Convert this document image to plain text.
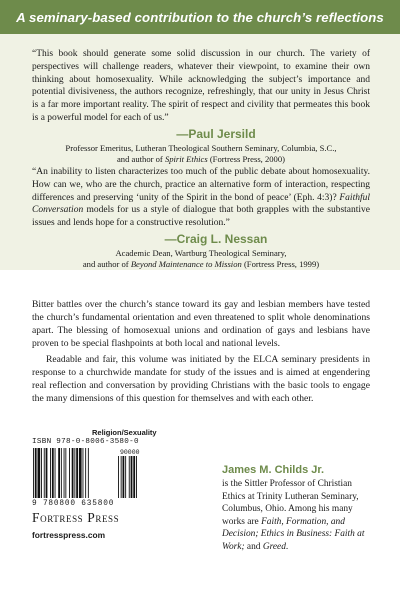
A seminary-based contribution to the church’s reflections

“This book should generate some solid discussion in our church. The variety of perspectives will challenge readers, whatever their viewpoint, to examine their own thinking about homosexuality. While acknowledging the subject’s importance and potential divisiveness, the authors recognize, refreshingly, that our unity in Jesus Christ is a far more important reality. The spirit of respect and civility that permeates this book is a powerful model for each of us.”

—Paul Jersild
Professor Emeritus, Lutheran Theological Southern Seminary, Columbia, S.C.,
and author of Spirit Ethics (Fortress Press, 2000)

“An inability to listen characterizes too much of the public debate about homosexuality. How can we, who are the church, practice an alternative form of interaction, respecting differences and preserving ‘unity of the Spirit in the bond of peace’ (Eph. 4:3)? Faithful Conversation models for us a style of dialogue that both grapples with the substantive issues and lends hope for a constructive resolution.”

—Craig L. Nessan
Academic Dean, Wartburg Theological Seminary,
and author of Beyond Maintenance to Mission (Fortress Press, 1999)

Bitter battles over the church’s stance toward its gay and lesbian members have tested the church’s fundamental orientation and even threatened to split whole denominations apart. The blessing of homosexual unions and ordination of gays and lesbians have proven to be special flashpoints at both local and national levels.

Readable and fair, this volume was initiated by the ELCA seminary presidents in response to a churchwide mandate for study of the issues and is aimed at engendering real reflection and conversation by providing Christians with the basic tools to engage the many dimensions of this question for themselves and with each other.

Religion/Sexuality
ISBN 978-0-8006-3580-0
90000
9 780800 635800
Fortress Press
fortresspress.com
James M. Childs Jr.
is the Sittler Professor of Christian Ethics at Trinity Lutheran Seminary, Columbus, Ohio. Among his many works are Faith, Formation, and Decision; Ethics in Business: Faith at Work; and Greed.
